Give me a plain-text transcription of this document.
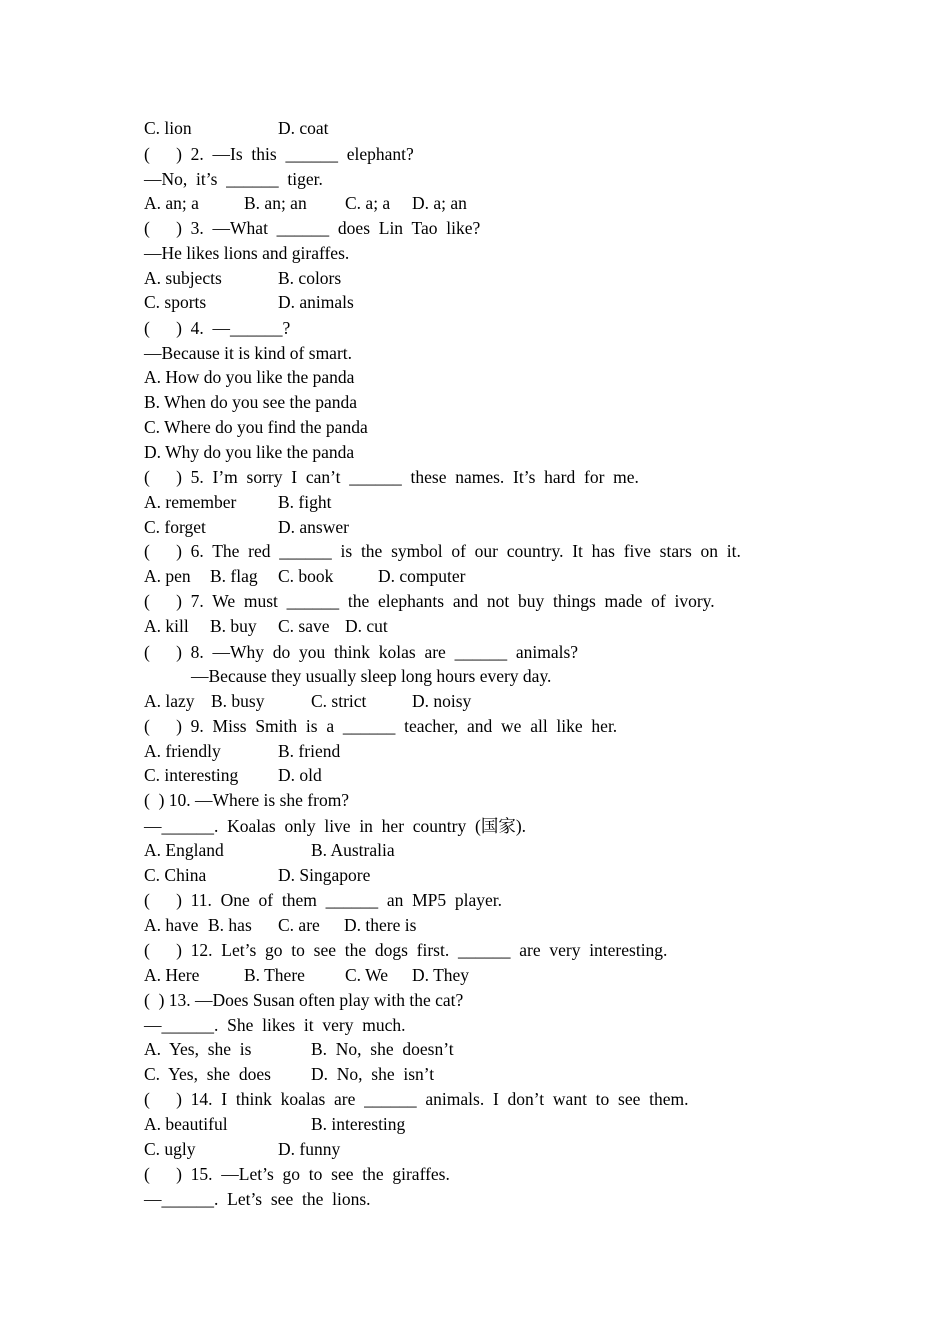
C. lion	D. coat
(      )  2.  —Is  this  ______  elephant?
—No,  it’s  ______  tiger.
A. an; a	B. an; an C. a; a D. a; an
(      )  3.  —What  ______  does  Lin  Tao  like?
—He likes lions and giraffes.
A. subjects	B. colors
C. sports	D. animals
(      )  4.  —______?
—Because it is kind of smart.
A. How do you like the panda
B. When do you see the panda
C. Where do you find the panda
D. Why do you like the panda
(      )  5.  I’m  sorry  I  can’t  ______  these  names.  It’s  hard  for  me.
A. remember B. fight
C. forget	D. answer
(      )  6.  The  red  ______  is  the  symbol  of  our  country.  It  has  five  stars  on  it.
A. pen B. flag C. book	D. computer
(      )  7.  We  must  ______  the  elephants  and  not  buy  things  made  of  ivory.
A. kill B. buy C. save D. cut
(      )  8.  —Why  do  you  think  kolas  are  ______  animals?
—Because they usually sleep long hours every day.
A. lazy B. busy	C. strict	D. noisy
(      )  9.  Miss  Smith  is  a  ______  teacher,  and  we  all  like  her.
A. friendly	B. friend
C. interesting D. old
(  ) 10. —Where is she from?
—______.  Koalas  only  live  in  her  country  (国家).
A. England	B. Australia
C. China	D. Singapore
(      )  11.  One  of  them  ______  an  MP5  player.
A. have B. has C. are D. there is
(      )  12.  Let’s  go  to  see  the  dogs  first.  ______  are  very  interesting.
A. Here	B. There C. We D. They
(  ) 13. —Does Susan often play with the cat?
—______.  She  likes  it  very  much.
A.  Yes,  she  is	B.  No,  she  doesn’t
C.  Yes,  she  does D.  No,  she  isn’t
(      )  14.  I  think  koalas  are  ______  animals.  I  don’t  want  to  see  them.
A. beautiful	B. interesting
C. ugly	D. funny
(      )  15.  —Let’s  go  to  see  the  giraffes.
—______.  Let’s  see  the  lions.
